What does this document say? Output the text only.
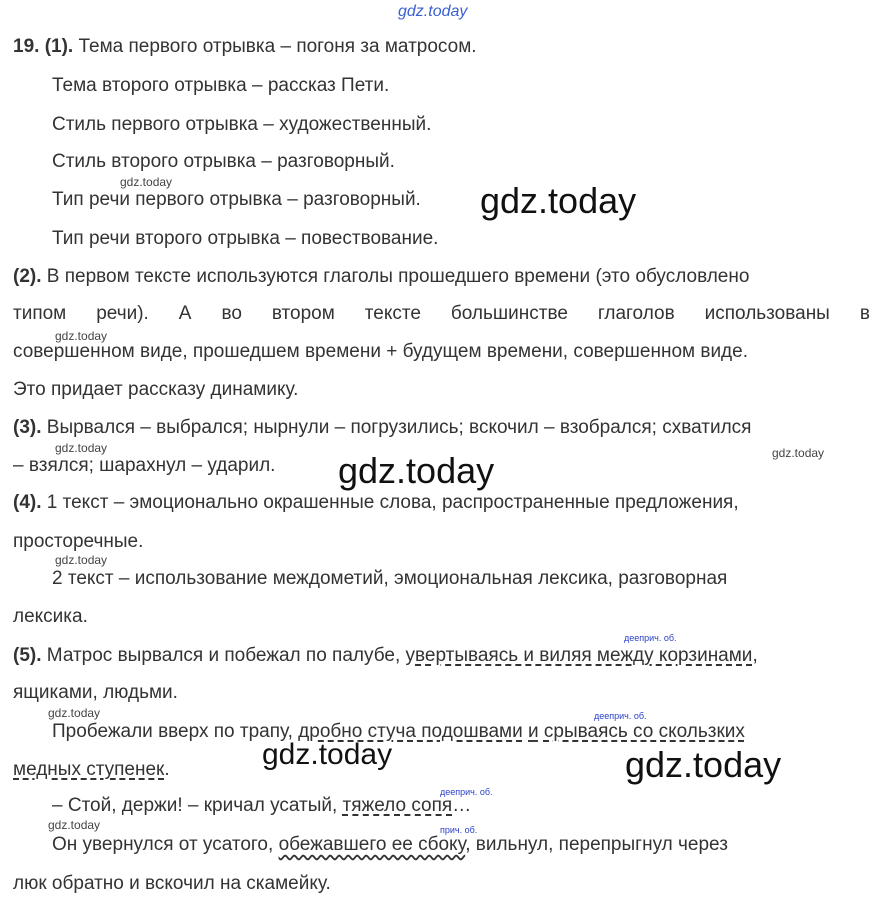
gdz.today
gdz.today	gdz.today
gdz.today
gdz.today	gdz.today
gdz.today
gdz.today
gdz.today
gdz.today	gdz.today
gdz.today
дееприч. об.
дееприч. об.
дееприч. об.
прич. об.
19. (1). Тема первого отрывка – погоня за матросом.
Тема второго отрывка – рассказ Пети.
Стиль первого отрывка – художественный.
Стиль второго отрывка – разговорный.
Тип речи первого отрывка – разговорный.
Тип речи второго отрывка – повествование.
(2). В первом тексте используются глаголы прошедшего времени (это обусловлено
типом речи). А во втором тексте большинстве глаголов использованы в
совершенном виде, прошедшем времени + будущем времени, совершенном виде.
Это придает рассказу динамику.
(3). Вырвался – выбрался; нырнули – погрузились; вскочил – взобрался; схватился
– взялся; шарахнул – ударил.
(4). 1 текст – эмоционально окрашенные слова, распространенные предложения,
просторечные.
2 текст – использование междометий, эмоциональная лексика, разговорная
лексика.
(5). Матрос вырвался и побежал по палубе, увертываясь и виляя между корзинами,
ящиками, людьми.
Пробежали вверх по трапу, дробно стуча подошвами и срываясь со скользких
медных ступенек.
– Стой, держи! – кричал усатый, тяжело сопя…
Он увернулся от усатого, обежавшего ее сбоку, вильнул, перепрыгнул через
люк обратно и вскочил на скамейку.
